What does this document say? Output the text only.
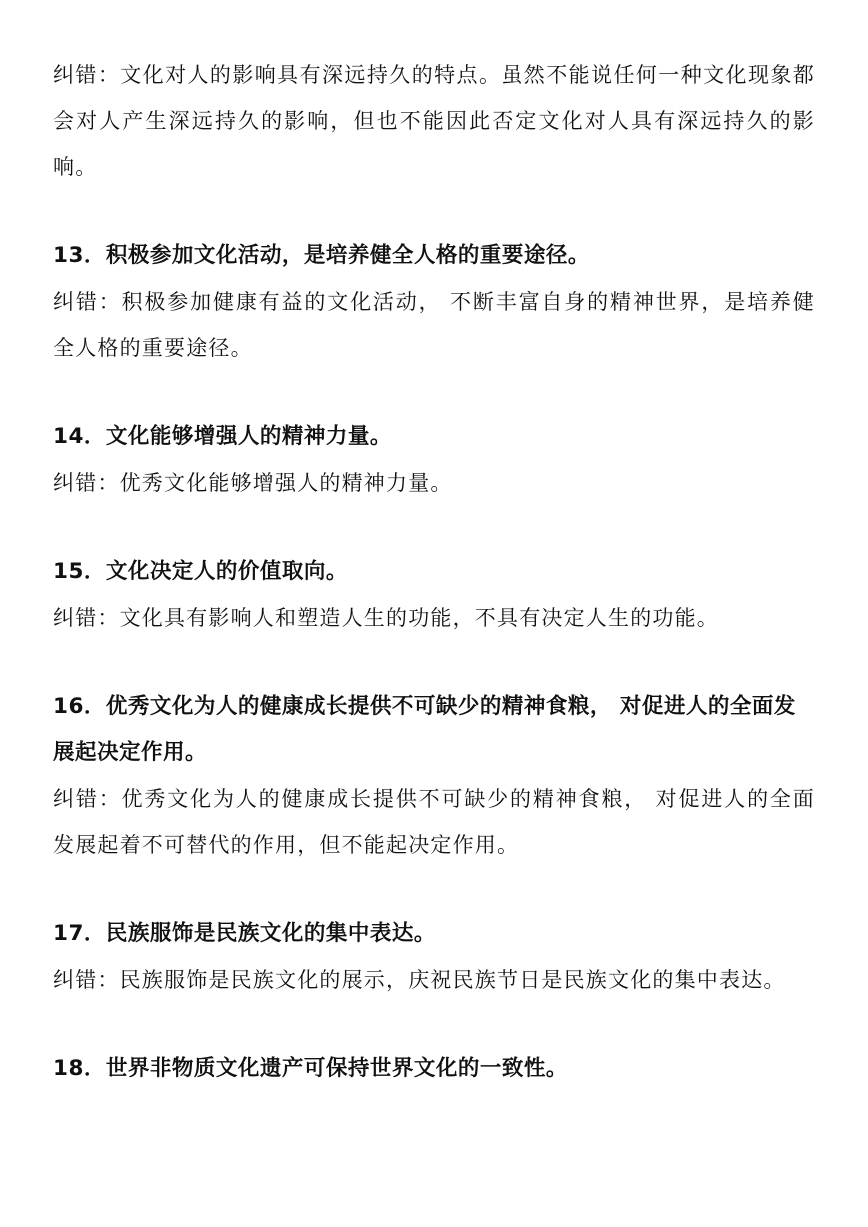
纠错：文化对人的影响具有深远持久的特点。虽然不能说任何一种文化现象都会对人产生深远持久的影响，但也不能因此否定文化对人具有深远持久的影响。

13．积极参加文化活动，是培养健全人格的重要途径。

纠错：积极参加健康有益的文化活动， 不断丰富自身的精神世界，是培养健全人格的重要途径。

14．文化能够增强人的精神力量。

纠错：优秀文化能够增强人的精神力量。

15．文化决定人的价值取向。

纠错：文化具有影响人和塑造人生的功能，不具有决定人生的功能。

16．优秀文化为人的健康成长提供不可缺少的精神食粮， 对促进人的全面发展起决定作用。

纠错：优秀文化为人的健康成长提供不可缺少的精神食粮， 对促进人的全面发展起着不可替代的作用，但不能起决定作用。

17．民族服饰是民族文化的集中表达。

纠错：民族服饰是民族文化的展示，庆祝民族节日是民族文化的集中表达。

18．世界非物质文化遗产可保持世界文化的一致性。
